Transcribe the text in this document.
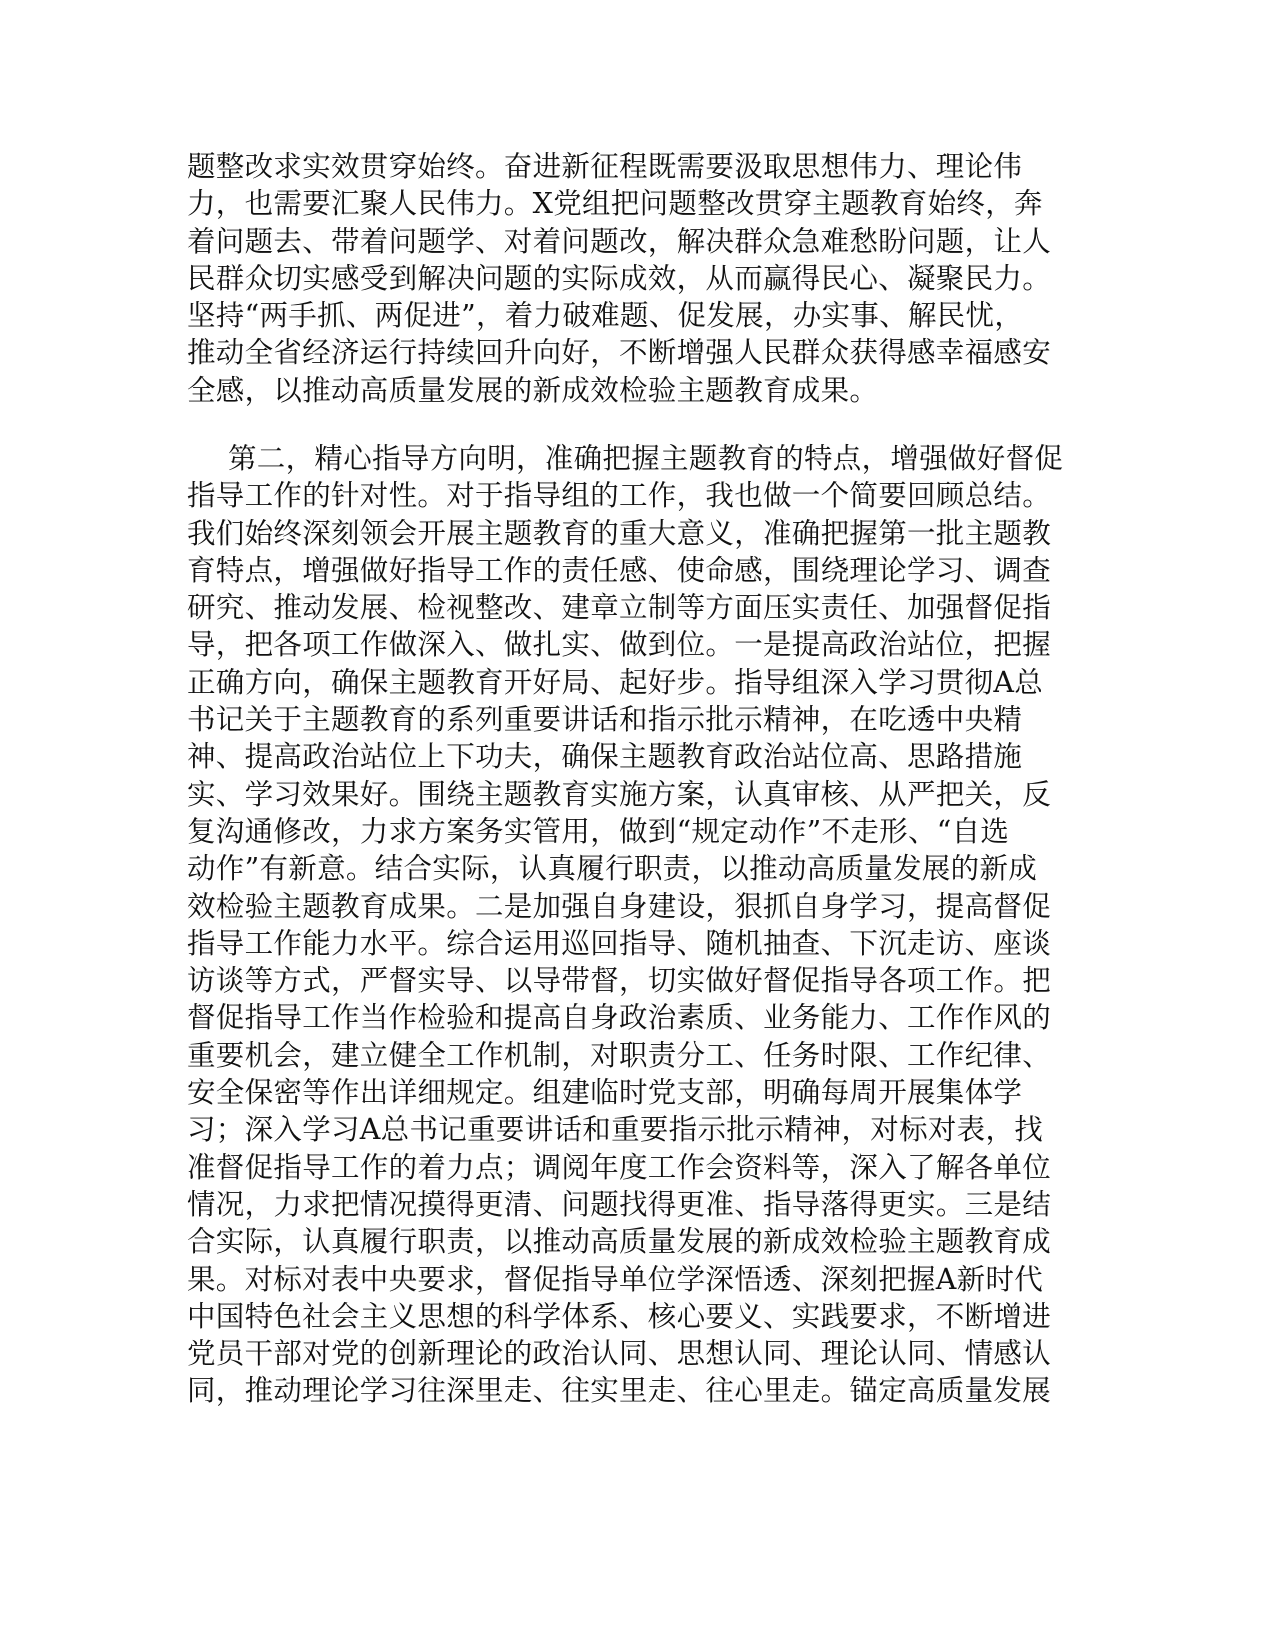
题整改求实效贯穿始终。奋进新征程既需要汲取思想伟力、理论伟
力，也需要汇聚人民伟力。X党组把问题整改贯穿主题教育始终，奔
着问题去、带着问题学、对着问题改，解决群众急难愁盼问题，让人
民群众切实感受到解决问题的实际成效，从而赢得民心、凝聚民力。
坚持“两手抓、两促进”，着力破难题、促发展，办实事、解民忧，
推动全省经济运行持续回升向好，不断增强人民群众获得感幸福感安
全感，以推动高质量发展的新成效检验主题教育成果。
第二，精心指导方向明，准确把握主题教育的特点，增强做好督促
指导工作的针对性。对于指导组的工作，我也做一个简要回顾总结。
我们始终深刻领会开展主题教育的重大意义，准确把握第一批主题教
育特点，增强做好指导工作的责任感、使命感，围绕理论学习、调查
研究、推动发展、检视整改、建章立制等方面压实责任、加强督促指
导，把各项工作做深入、做扎实、做到位。一是提高政治站位，把握
正确方向，确保主题教育开好局、起好步。指导组深入学习贯彻A总
书记关于主题教育的系列重要讲话和指示批示精神，在吃透中央精
神、提高政治站位上下功夫，确保主题教育政治站位高、思路措施
实、学习效果好。围绕主题教育实施方案，认真审核、从严把关，反
复沟通修改，力求方案务实管用，做到“规定动作”不走形、“自选
动作”有新意。结合实际，认真履行职责，以推动高质量发展的新成
效检验主题教育成果。二是加强自身建设，狠抓自身学习，提高督促
指导工作能力水平。综合运用巡回指导、随机抽查、下沉走访、座谈
访谈等方式，严督实导、以导带督，切实做好督促指导各项工作。把
督促指导工作当作检验和提高自身政治素质、业务能力、工作作风的
重要机会，建立健全工作机制，对职责分工、任务时限、工作纪律、
安全保密等作出详细规定。组建临时党支部，明确每周开展集体学
习；深入学习A总书记重要讲话和重要指示批示精神，对标对表，找
准督促指导工作的着力点；调阅年度工作会资料等，深入了解各单位
情况，力求把情况摸得更清、问题找得更准、指导落得更实。三是结
合实际，认真履行职责，以推动高质量发展的新成效检验主题教育成
果。对标对表中央要求，督促指导单位学深悟透、深刻把握A新时代
中国特色社会主义思想的科学体系、核心要义、实践要求，不断增进
党员干部对党的创新理论的政治认同、思想认同、理论认同、情感认
同，推动理论学习往深里走、往实里走、往心里走。锚定高质量发展
